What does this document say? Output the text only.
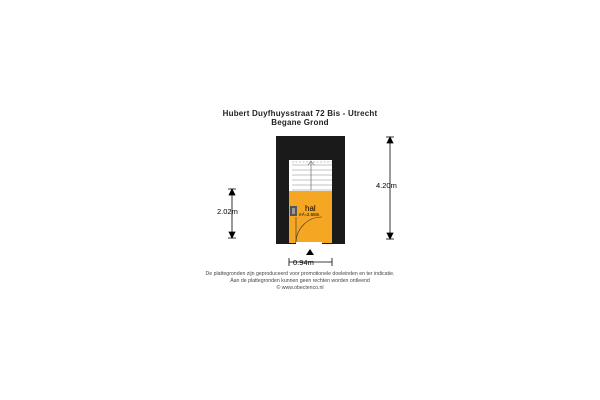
Hubert Duyfhuysstraat 72 Bis - Utrecht
Begane Grond
4.20m
2.02m
0.94m
hal
m²=2.68m
De plattegronden zijn geproduceerd voor promotionele doeleinden en ter indicatie.
Aan de plattegronden kunnen geen rechten worden ontleend
© www.obectenco.nl
